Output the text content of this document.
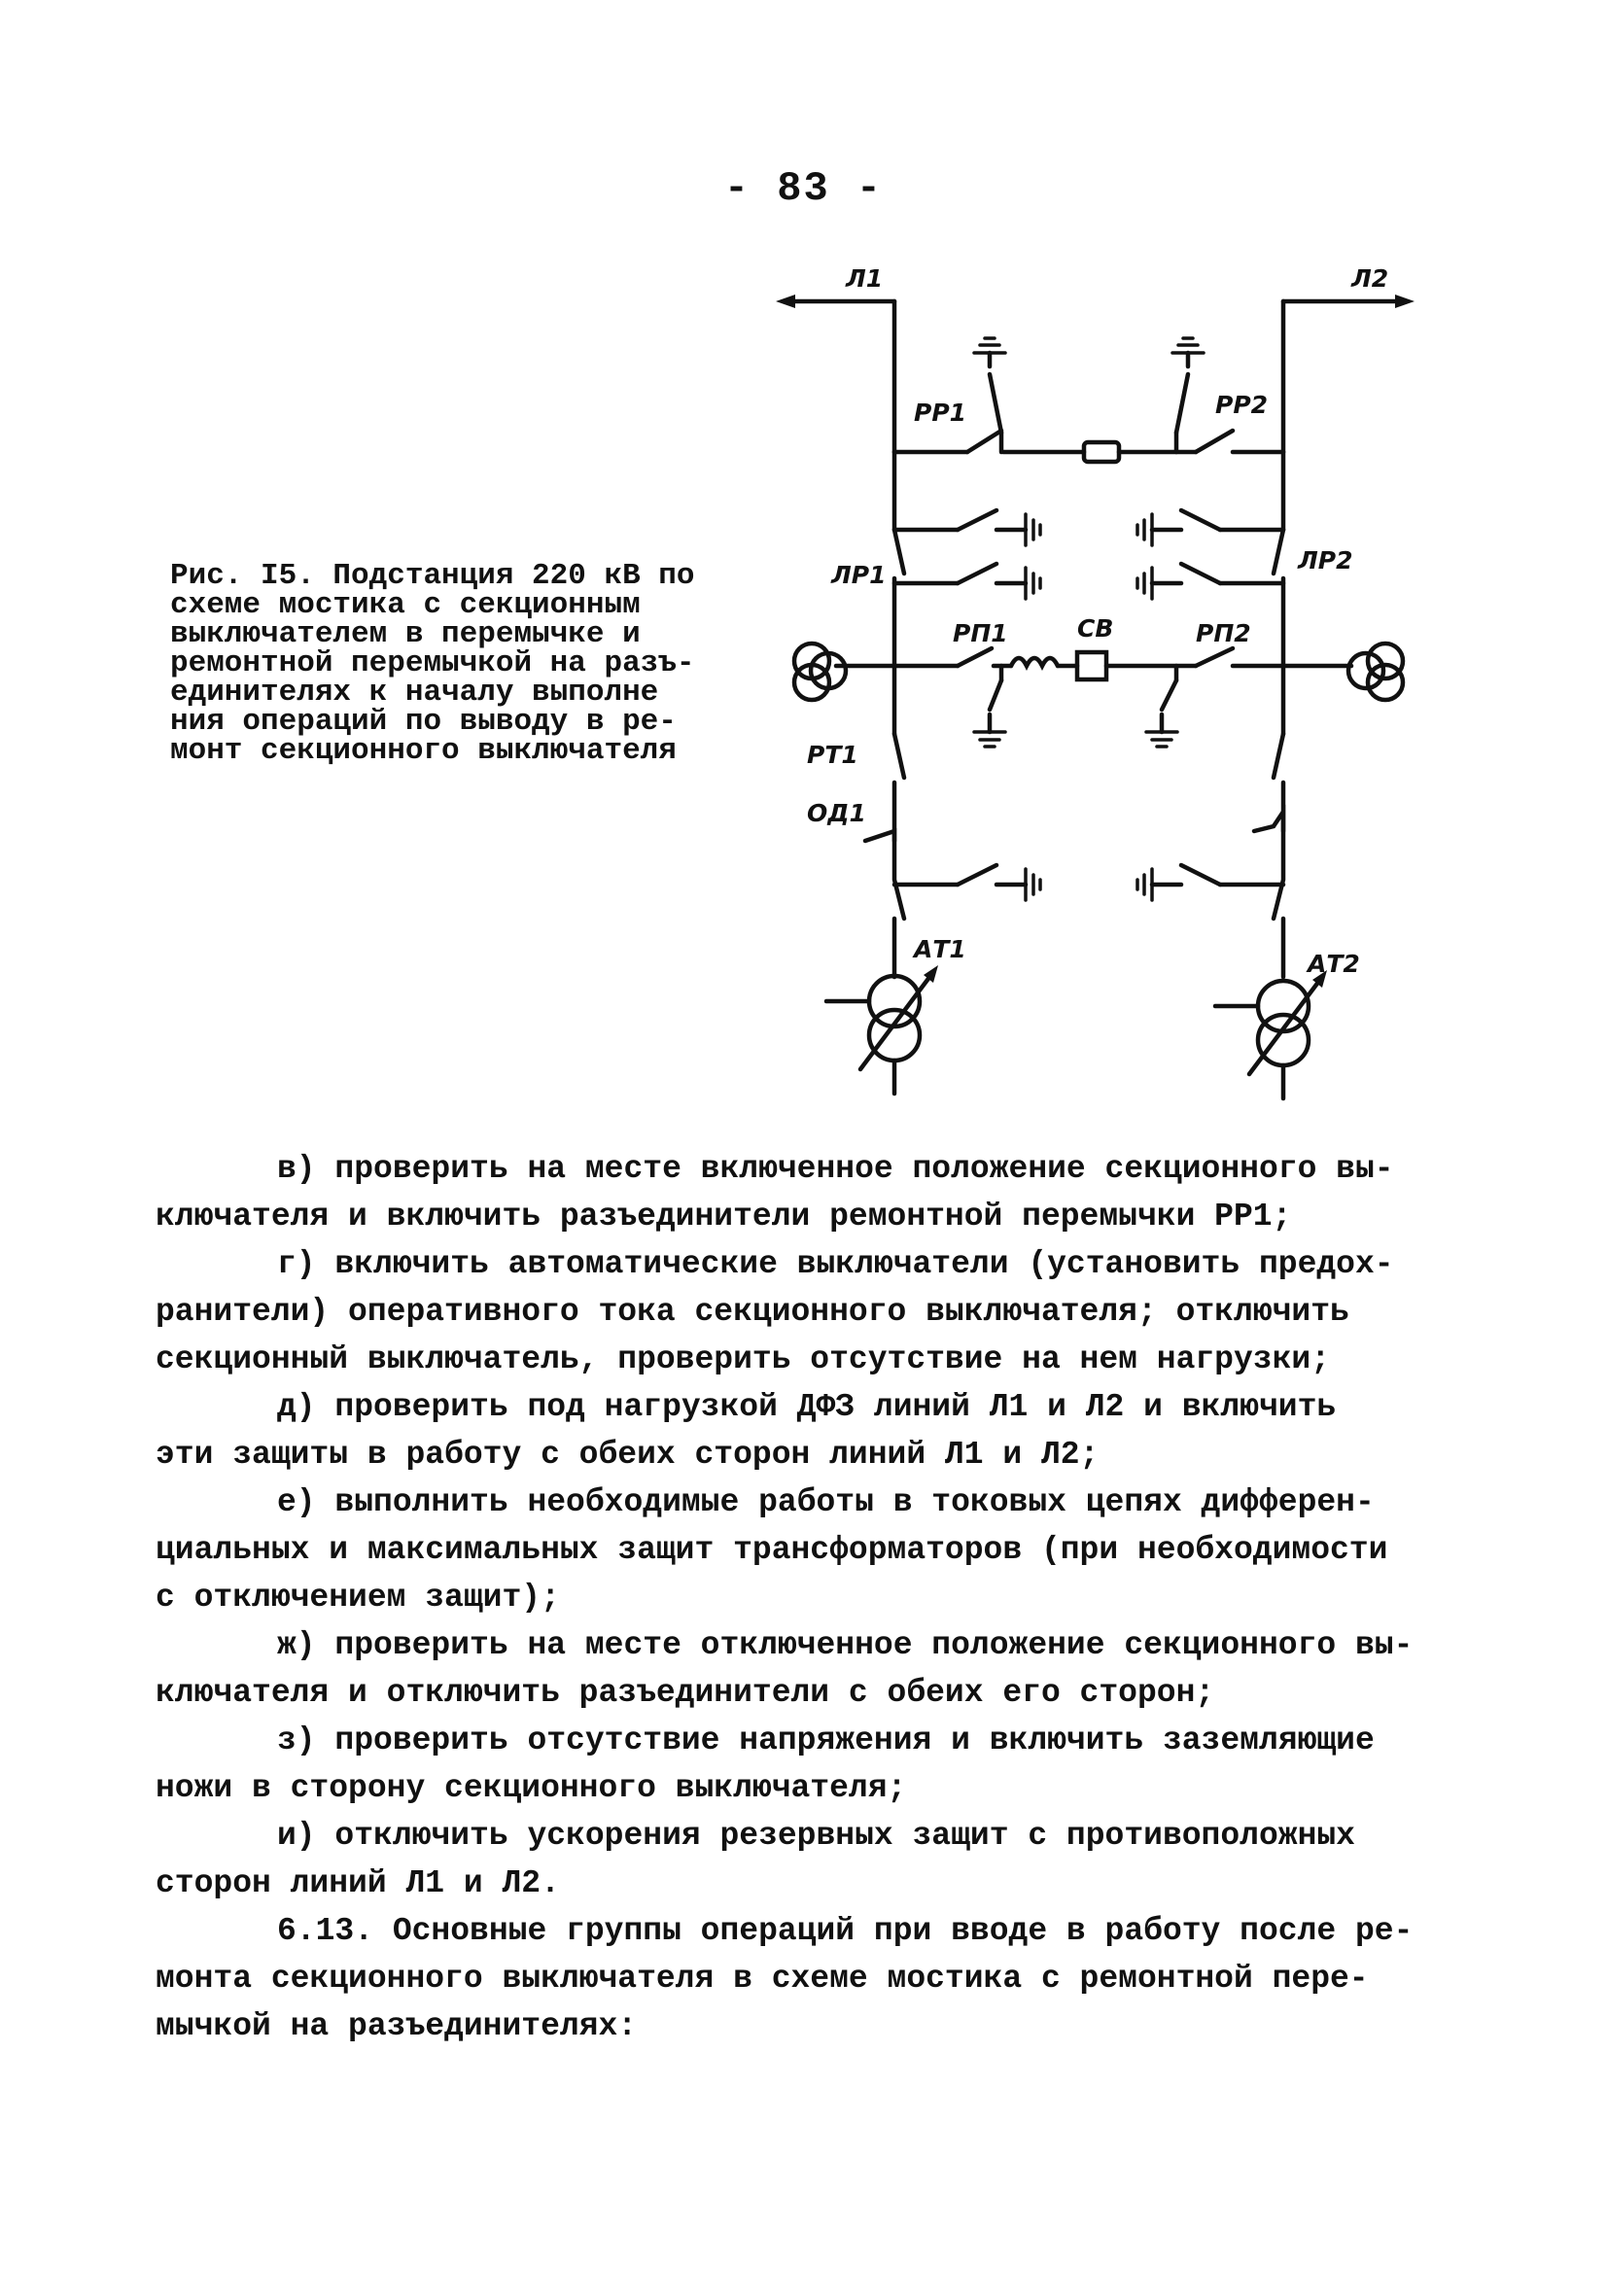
- 83 -
Рис. I5. Подстанция 220 кВ по
схеме мостика с секционным
выключателем в перемычке и
ремонтной перемычкой на разъ-
единителях к началу выполне
ния операций по выводу в ре-
монт секционного выключателя
Л1	Л2
РР1	РР2
ЛР1
РТ1
ОД1
ЛР2
РП1	СВ	РП2
АТ1
АТ2
в) проверить на месте включенное положение секционного вы-
ключателя и включить разъединители ремонтной перемычки РР1;
г) включить автоматические выключатели (установить предох-
ранители) оперативного тока секционного выключателя; отключить
секционный выключатель, проверить отсутствие на нем нагрузки;
д) проверить под нагрузкой ДФЗ линий Л1 и Л2 и включить
эти защиты в работу с обеих сторон линий Л1 и Л2;
е) выполнить необходимые работы в токовых цепях дифферен-
циальных и максимальных защит трансформаторов (при необходимости
с отключением защит);
ж) проверить на месте отключенное положение секционного вы-
ключателя и отключить разъединители с обеих его сторон;
з) проверить отсутствие напряжения и включить заземляющие
ножи в сторону секционного выключателя;
и) отключить ускорения резервных защит с противоположных
сторон линий Л1 и Л2.
6.13. Основные группы операций при вводе в работу после ре-
монта секционного выключателя в схеме мостика с ремонтной пере-
мычкой на разъединителях:
